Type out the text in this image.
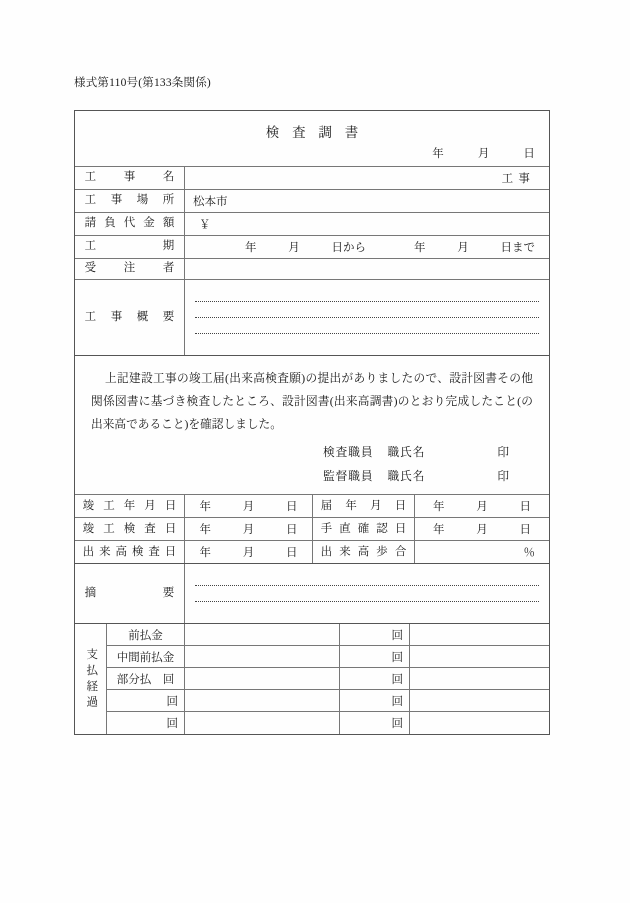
様式第110号(第133条関係)
検査調書
年	月	日
工事名	工事
工事場所	松本市
請負代金額 ￥
工期	年	月	日から	年	月	日まで
受注者
工事概要

上記建設工事の竣工届(出来高検査願)の提出がありましたので、設計図書その他関係図書に基づき検査したところ、設計図書(出来高調書)のとおり完成したこと(の出来高であること)を確認しました。

検査職員 職氏名	印
監督職員 職氏名	印
竣工年月日 年	月	日	届年月日 年	月	日
竣工検査日 年	月	日	手直確認日 年	月	日
出来高検査日 年	月	日	出来高歩合	％
摘要
支払経過
前払金	回
中間前払金	回
部分払　回	回
回	回
回	回
